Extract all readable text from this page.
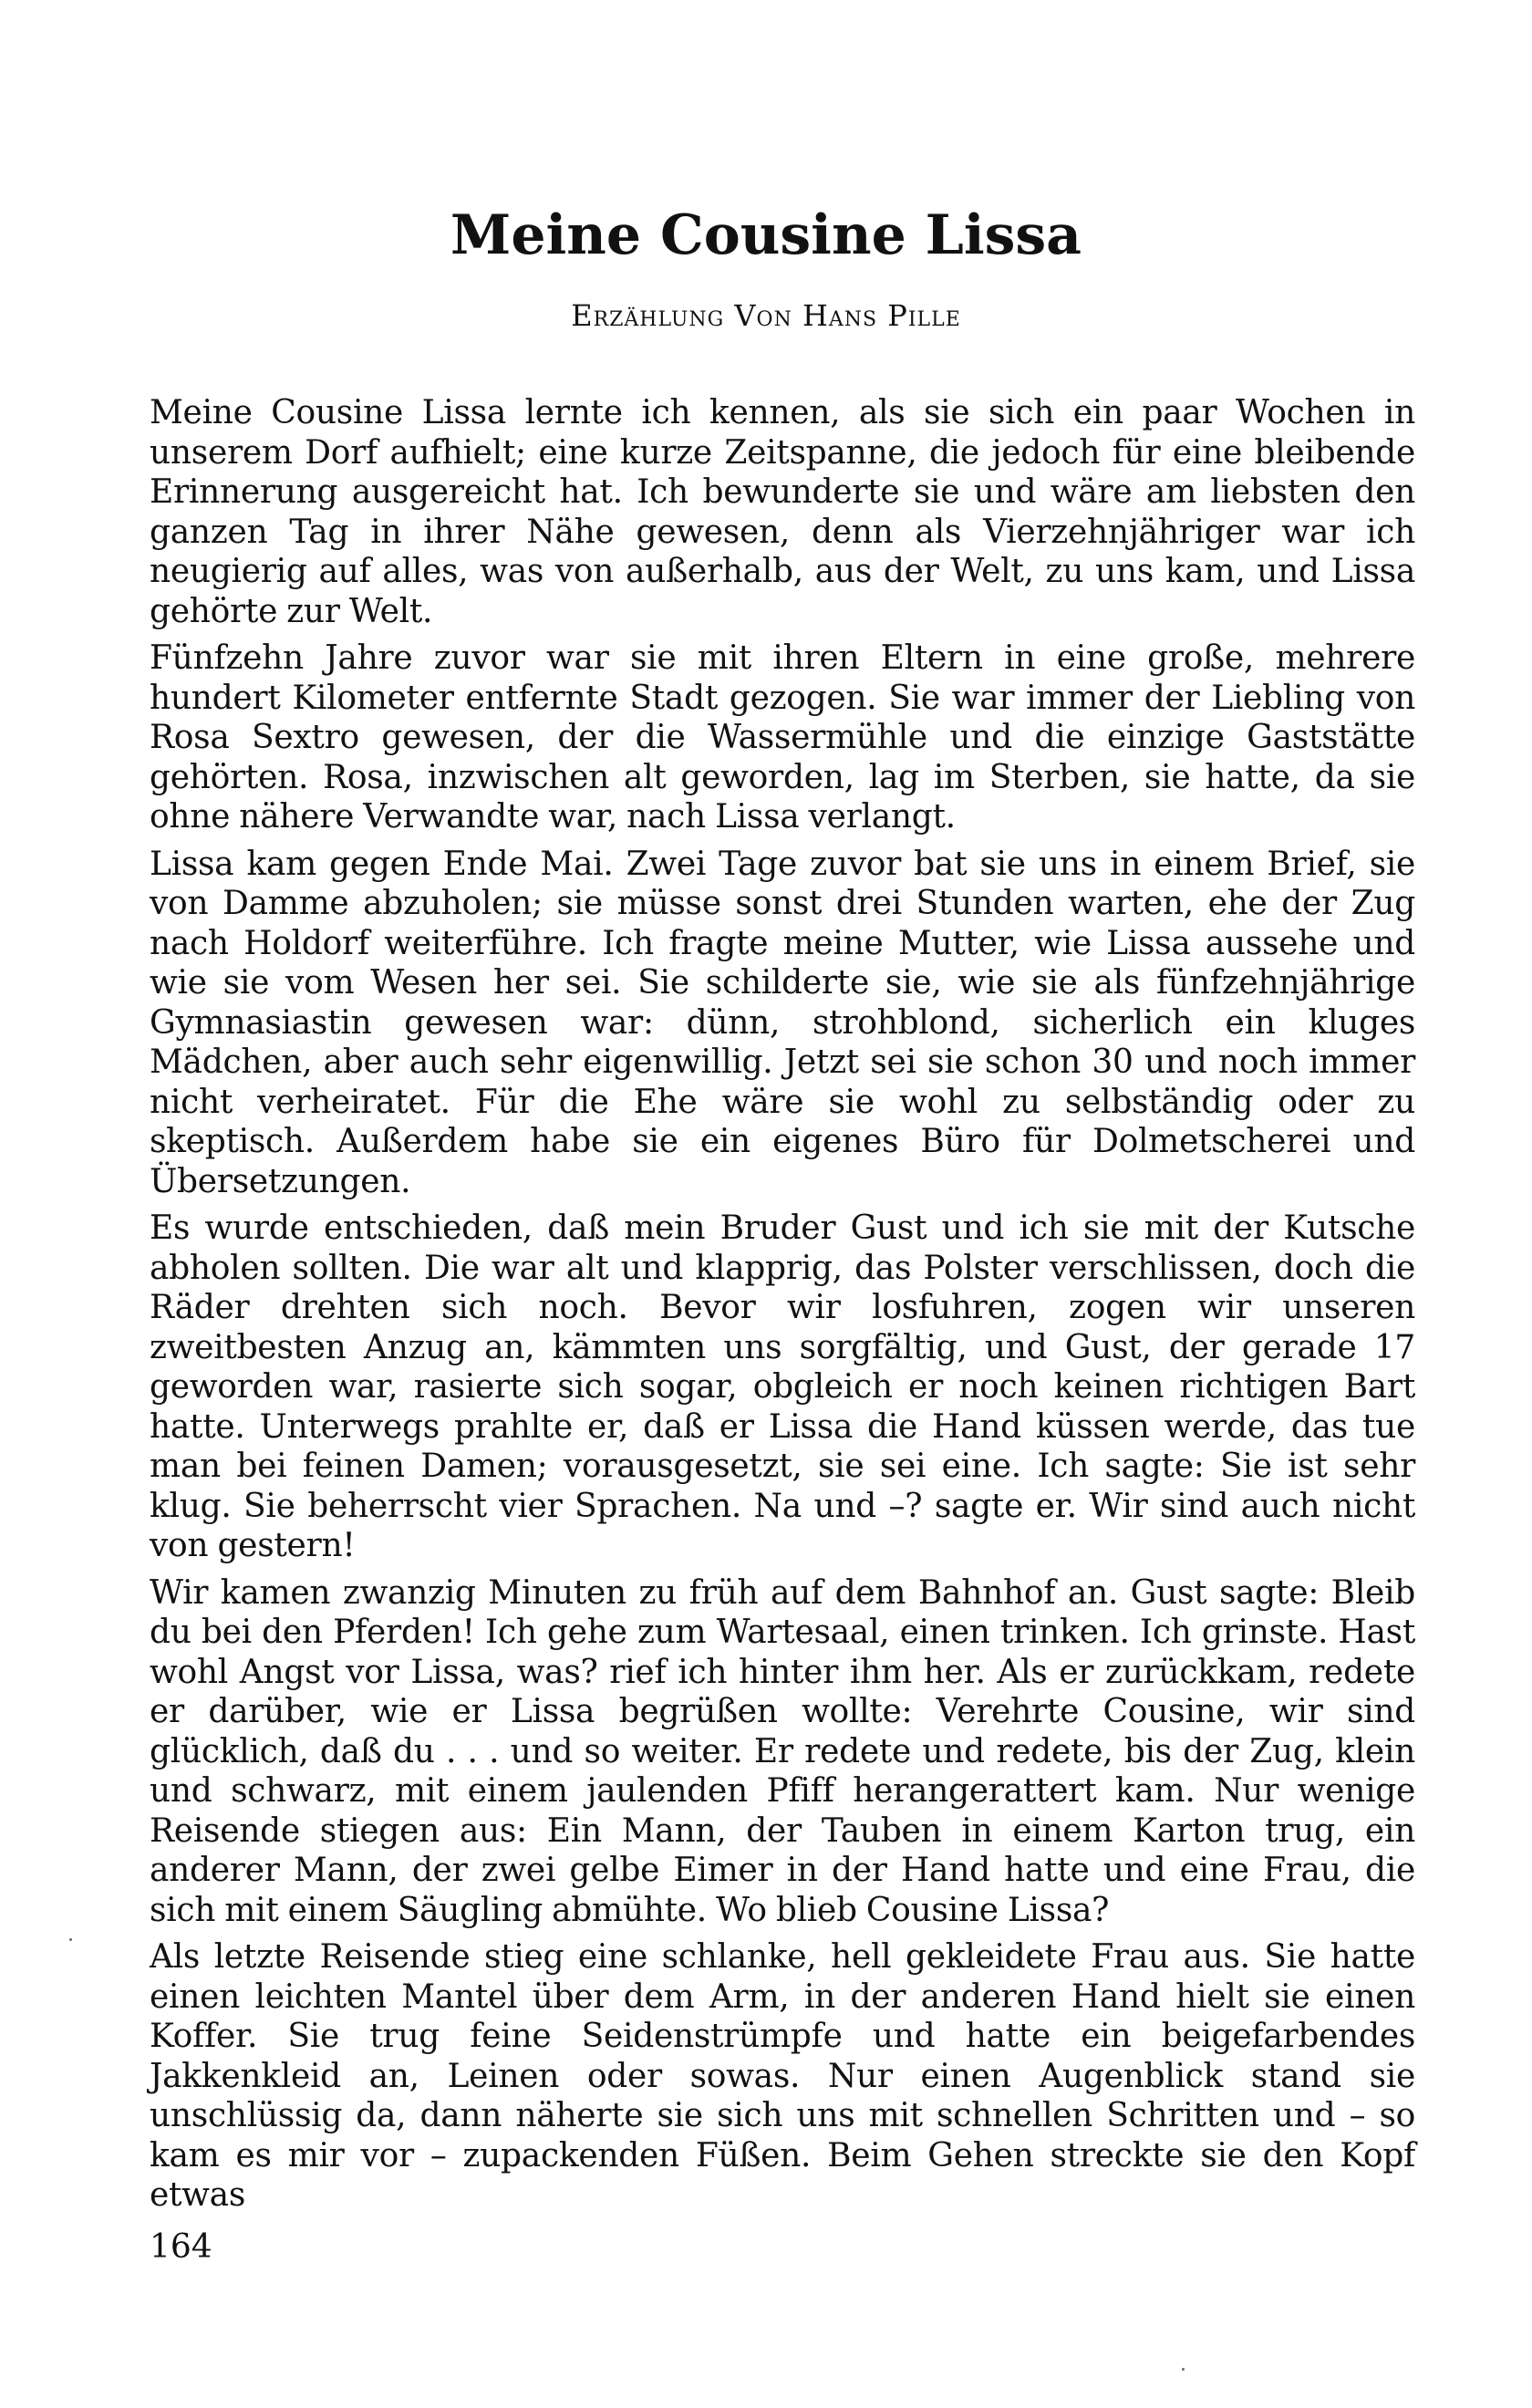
Meine Cousine Lissa

Erzählung Von Hans Pille

Meine Cousine Lissa lernte ich kennen, als sie sich ein paar Wochen in unserem Dorf aufhielt; eine kurze Zeitspanne, die jedoch für eine bleibende Erinnerung ausgereicht hat. Ich bewunderte sie und wäre am liebsten den ganzen Tag in ihrer Nähe gewesen, denn als Vierzehnjähriger war ich neugierig auf alles, was von außerhalb, aus der Welt, zu uns kam, und Lissa gehörte zur Welt.

Fünfzehn Jahre zuvor war sie mit ihren Eltern in eine große, mehrere hundert Kilometer entfernte Stadt gezogen. Sie war immer der Liebling von Rosa Sextro gewesen, der die Wassermühle und die einzige Gaststätte gehörten. Rosa, inzwischen alt geworden, lag im Sterben, sie hatte, da sie ohne nähere Verwandte war, nach Lissa verlangt.

Lissa kam gegen Ende Mai. Zwei Tage zuvor bat sie uns in einem Brief, sie von Damme abzuholen; sie müsse sonst drei Stunden warten, ehe der Zug nach Holdorf weiterführe. Ich fragte meine Mutter, wie Lissa aussehe und wie sie vom Wesen her sei. Sie schilderte sie, wie sie als fünfzehnjährige Gymnasiastin gewesen war: dünn, strohblond, sicherlich ein kluges Mädchen, aber auch sehr eigenwillig. Jetzt sei sie schon 30 und noch immer nicht verheiratet. Für die Ehe wäre sie wohl zu selbständig oder zu skeptisch. Außerdem habe sie ein eigenes Büro für Dolmetscherei und Übersetzungen.

Es wurde entschieden, daß mein Bruder Gust und ich sie mit der Kutsche abholen sollten. Die war alt und klapprig, das Polster verschlissen, doch die Räder drehten sich noch. Bevor wir losfuhren, zogen wir unseren zweitbesten Anzug an, kämmten uns sorgfältig, und Gust, der gerade 17 geworden war, rasierte sich sogar, obgleich er noch keinen richtigen Bart hatte. Unterwegs prahlte er, daß er Lissa die Hand küssen werde, das tue man bei feinen Damen; vorausgesetzt, sie sei eine. Ich sagte: Sie ist sehr klug. Sie beherrscht vier Sprachen. Na und –? sagte er. Wir sind auch nicht von gestern!

Wir kamen zwanzig Minuten zu früh auf dem Bahnhof an. Gust sagte: Bleib du bei den Pferden! Ich gehe zum Wartesaal, einen trinken. Ich grinste. Hast wohl Angst vor Lissa, was? rief ich hinter ihm her. Als er zurückkam, redete er darüber, wie er Lissa begrüßen wollte: Verehrte Cousine, wir sind glücklich, daß du . . . und so weiter. Er redete und redete, bis der Zug, klein und schwarz, mit einem jaulenden Pfiff herangerattert kam. Nur wenige Reisende stiegen aus: Ein Mann, der Tauben in einem Karton trug, ein anderer Mann, der zwei gelbe Eimer in der Hand hatte und eine Frau, die sich mit einem Säugling abmühte. Wo blieb Cousine Lissa?

Als letzte Reisende stieg eine schlanke, hell gekleidete Frau aus. Sie hatte einen leichten Mantel über dem Arm, in der anderen Hand hielt sie einen Koffer. Sie trug feine Seidenstrümpfe und hatte ein beigefarbendes Jakkenkleid an, Leinen oder sowas. Nur einen Augenblick stand sie unschlüssig da, dann näherte sie sich uns mit schnellen Schritten und – so kam es mir vor – zupackenden Füßen. Beim Gehen streckte sie den Kopf etwas

164
